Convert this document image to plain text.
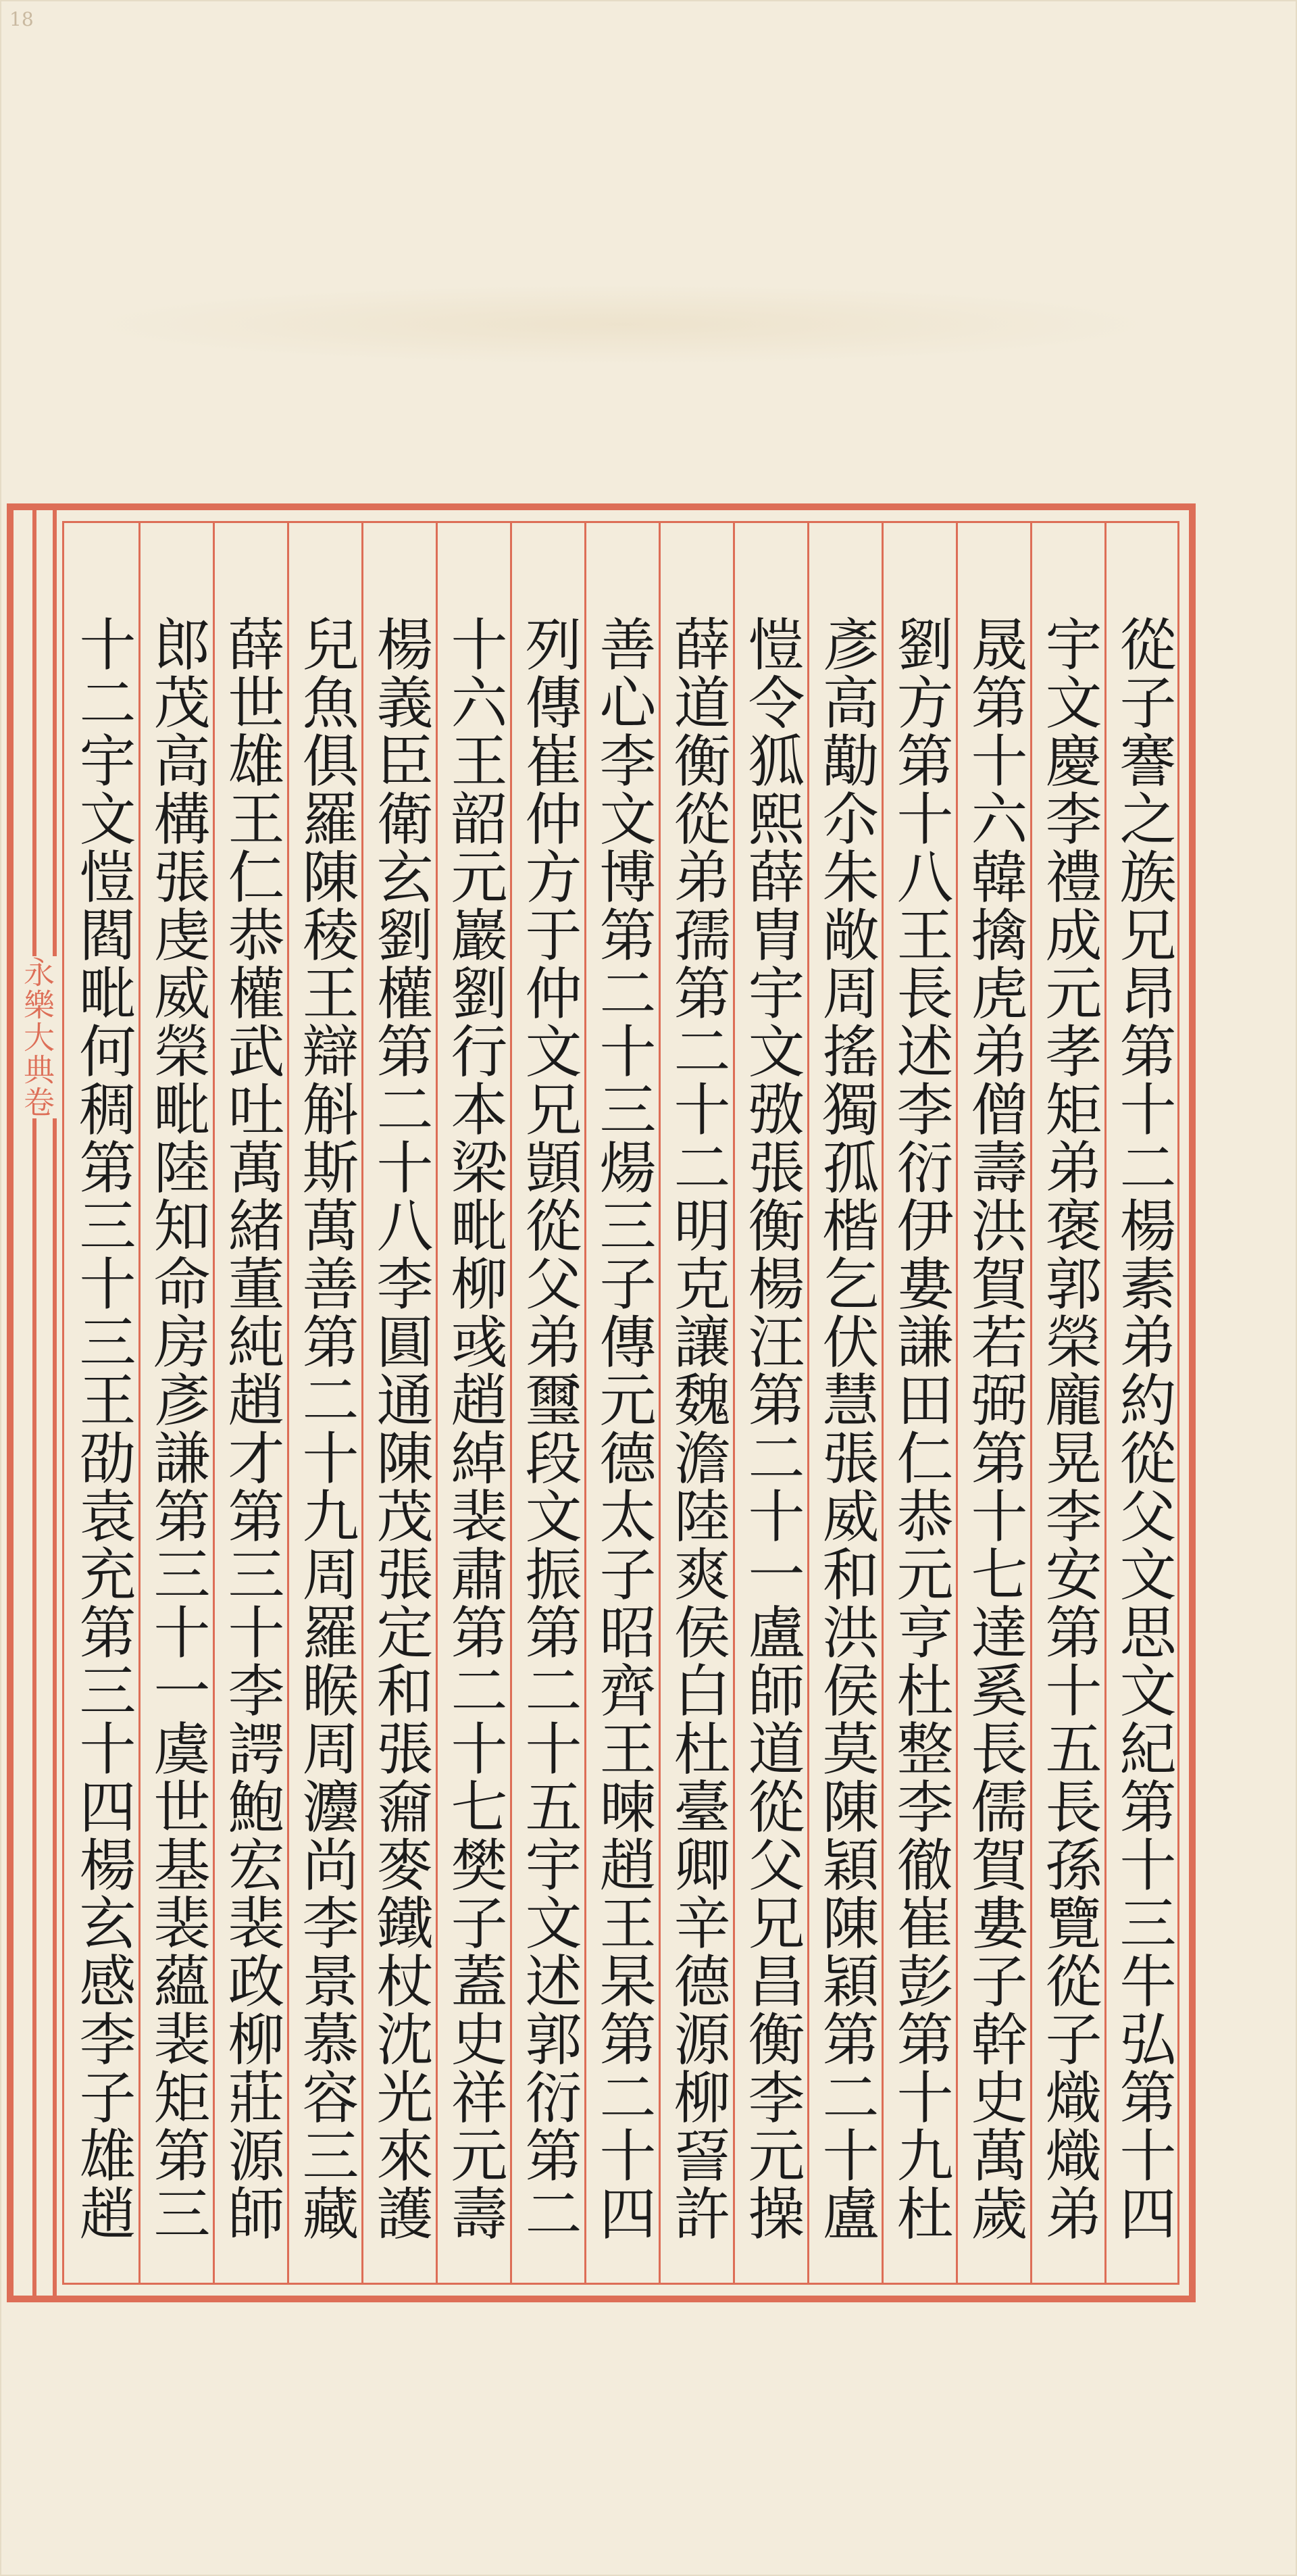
18
永樂大典卷	從子謇之族兄昂第十二楊素弟約從父文思文紀第十三牛弘第十四
宇文慶李禮成元孝矩弟褒郭榮龐晃李安第十五長孫覽從子熾熾弟
晟第十六韓擒虎弟僧壽洪賀若弼第十七達奚長儒賀婁子幹史萬歲
劉方第十八王長述李衍伊婁謙田仁恭元亨杜整李徹崔彭第十九杜
彥高勱尒朱敞周搖獨孤楷乞伏慧張威和洪侯莫陳穎陳穎第二十盧
愷令狐熙薛胄宇文㢸張衡楊汪第二十一盧師道從父兄昌衡李元操
薛道衡從弟孺第二十二明克讓魏澹陸爽侯白杜臺卿辛德源柳䛒許
善心李文博第二十三煬三子傳元德太子昭齊王暕趙王杲第二十四
列傳崔仲方于仲文兄顗從父弟璽段文振第二十五宇文述郭衍第二
十六王韶元巖劉行本梁毗柳彧趙綽裴肅第二十七樊子蓋史祥元壽
楊義臣衛玄劉權第二十八李圓通陳茂張定和張奫麥鐵杖沈光來護
兒魚俱羅陳稜王辯斛斯萬善第二十九周羅睺周灋尚李景慕容三藏
薛世雄王仁恭權武吐萬緒董純趙才第三十李諤鮑宏裴政柳莊源師
郎茂高構張虔威榮毗陸知命房彥謙第三十一虞世基裴蘊裴矩第三
十二宇文愷閻毗何稠第三十三王劭袁充第三十四楊玄感李子雄趙
